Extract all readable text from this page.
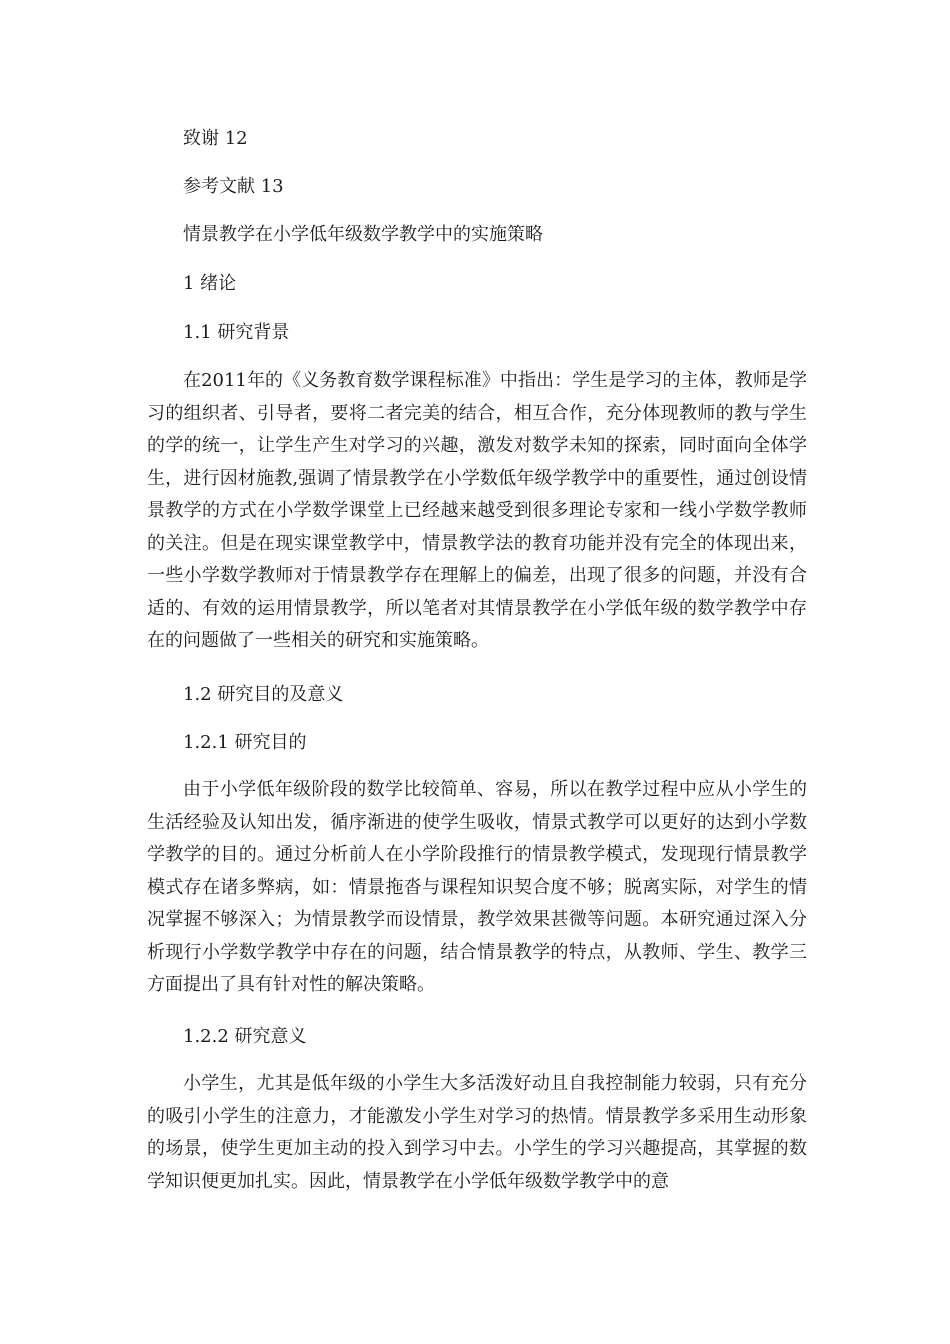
致谢 12
参考文献 13
情景教学在小学低年级数学教学中的实施策略
1 绪论
1.1 研究背景

在2011年的《义务教育数学课程标准》中指出：学生是学习的主体，教师是学习的组织者、引导者，要将二者完美的结合，相互合作，充分体现教师的教与学生的学的统一，让学生产生对学习的兴趣，激发对数学未知的探索，同时面向全体学生，进行因材施教,强调了情景教学在小学数低年级学教学中的重要性，通过创设情景教学的方式在小学数学课堂上已经越来越受到很多理论专家和一线小学数学教师的关注。但是在现实课堂教学中，情景教学法的教育功能并没有完全的体现出来，一些小学数学教师对于情景教学存在理解上的偏差，出现了很多的问题，并没有合适的、有效的运用情景教学，所以笔者对其情景教学在小学低年级的数学教学中存在的问题做了一些相关的研究和实施策略。

1.2 研究目的及意义
1.2.1 研究目的

由于小学低年级阶段的数学比较简单、容易，所以在教学过程中应从小学生的生活经验及认知出发，循序渐进的使学生吸收，情景式教学可以更好的达到小学数学教学的目的。通过分析前人在小学阶段推行的情景教学模式，发现现行情景教学模式存在诸多弊病，如：情景拖沓与课程知识契合度不够；脱离实际，对学生的情况掌握不够深入；为情景教学而设情景，教学效果甚微等问题。本研究通过深入分析现行小学数学教学中存在的问题，结合情景教学的特点，从教师、学生、教学三方面提出了具有针对性的解决策略。

1.2.2 研究意义

小学生，尤其是低年级的小学生大多活泼好动且自我控制能力较弱，只有充分的吸引小学生的注意力，才能激发小学生对学习的热情。情景教学多采用生动形象的场景，使学生更加主动的投入到学习中去。小学生的学习兴趣提高，其掌握的数学知识便更加扎实。因此，情景教学在小学低年级数学教学中的意
